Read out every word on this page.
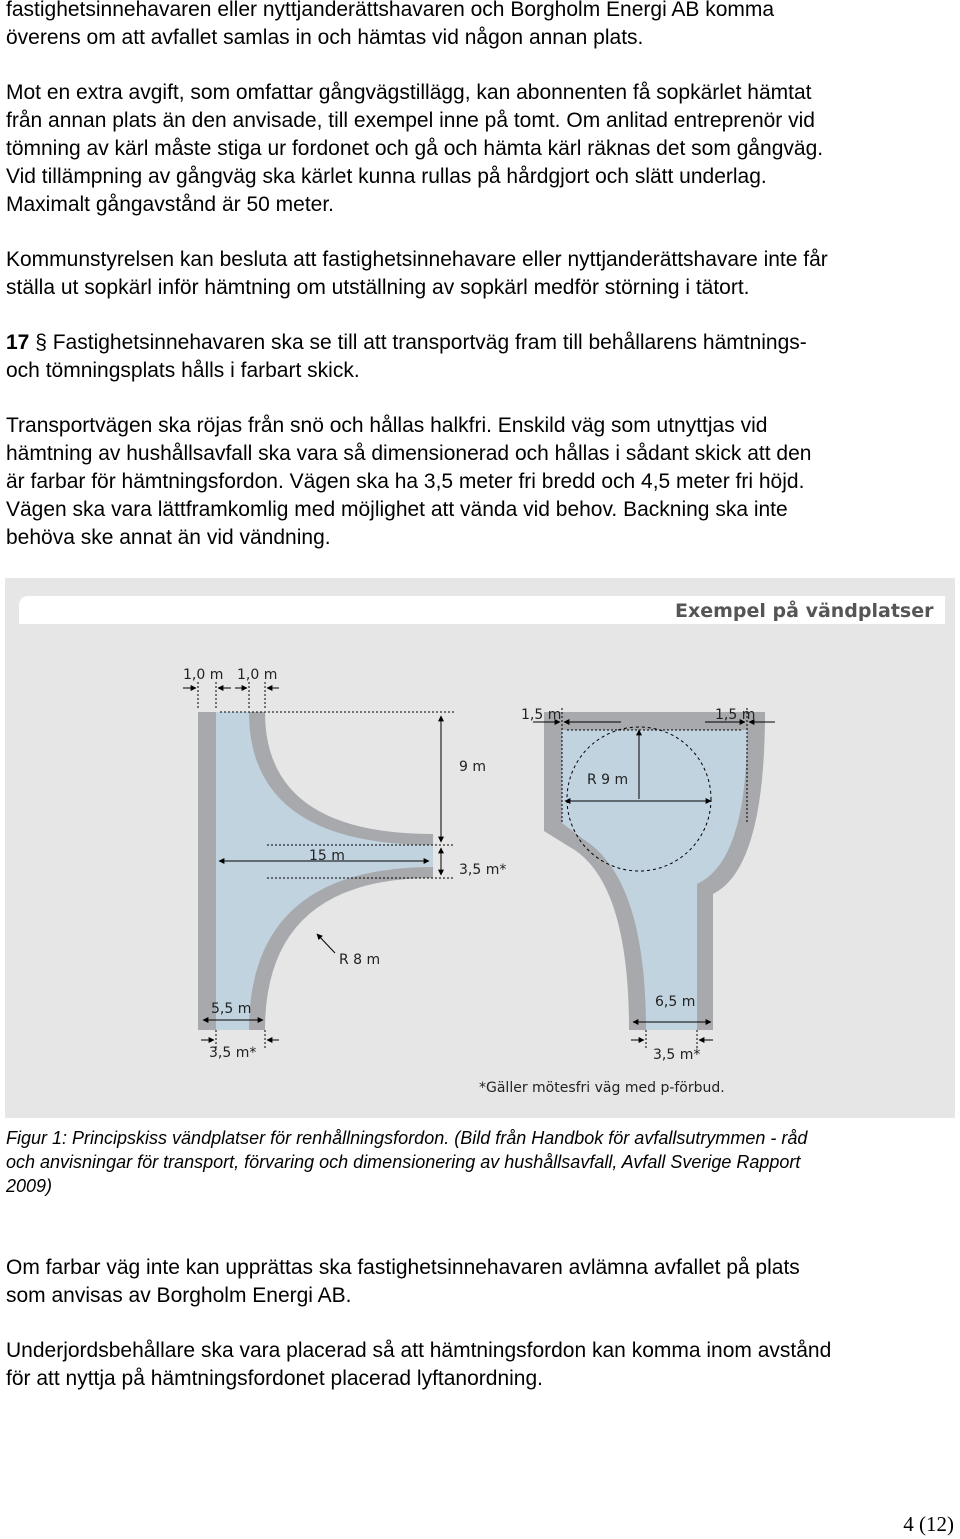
fastighetsinnehavaren eller nyttjanderättshavaren och Borgholm Energi AB komma
överens om att avfallet samlas in och hämtas vid någon annan plats.
Mot en extra avgift, som omfattar gångvägstillägg, kan abonnenten få sopkärlet hämtat
från annan plats än den anvisade, till exempel inne på tomt. Om anlitad entreprenör vid
tömning av kärl måste stiga ur fordonet och gå och hämta kärl räknas det som gångväg.
Vid tillämpning av gångväg ska kärlet kunna rullas på hårdgjort och slätt underlag.
Maximalt gångavstånd är 50 meter.
Kommunstyrelsen kan besluta att fastighetsinnehavare eller nyttjanderättshavare inte får
ställa ut sopkärl inför hämtning om utställning av sopkärl medför störning i tätort.
17 § Fastighetsinnehavaren ska se till att transportväg fram till behållarens hämtnings-
och tömningsplats hålls i farbart skick.
Transportvägen ska röjas från snö och hållas halkfri. Enskild väg som utnyttjas vid
hämtning av hushållsavfall ska vara så dimensionerad och hållas i sådant skick att den
är farbar för hämtningsfordon. Vägen ska ha 3,5 meter fri bredd och 4,5 meter fri höjd.
Vägen ska vara lättframkomlig med möjlighet att vända vid behov. Backning ska inte
behöva ske annat än vid vändning.
Exempel på vändplatser
1,0 m 1,0 m
9 m
15 m
3,5 m*
R 8 m
5,5 m
3,5 m*
1,5 m	1,5 m
R 9 m
6,5 m
3,5 m*
*Gäller mötesfri väg med p-förbud.
Figur 1: Principskiss vändplatser för renhållningsfordon. (Bild från Handbok för avfallsutrymmen - råd
och anvisningar för transport, förvaring och dimensionering av hushållsavfall, Avfall Sverige Rapport
2009)
Om farbar väg inte kan upprättas ska fastighetsinnehavaren avlämna avfallet på plats
som anvisas av Borgholm Energi AB.
Underjordsbehållare ska vara placerad så att hämtningsfordon kan komma inom avstånd
för att nyttja på hämtningsfordonet placerad lyftanordning.
4 (12)
